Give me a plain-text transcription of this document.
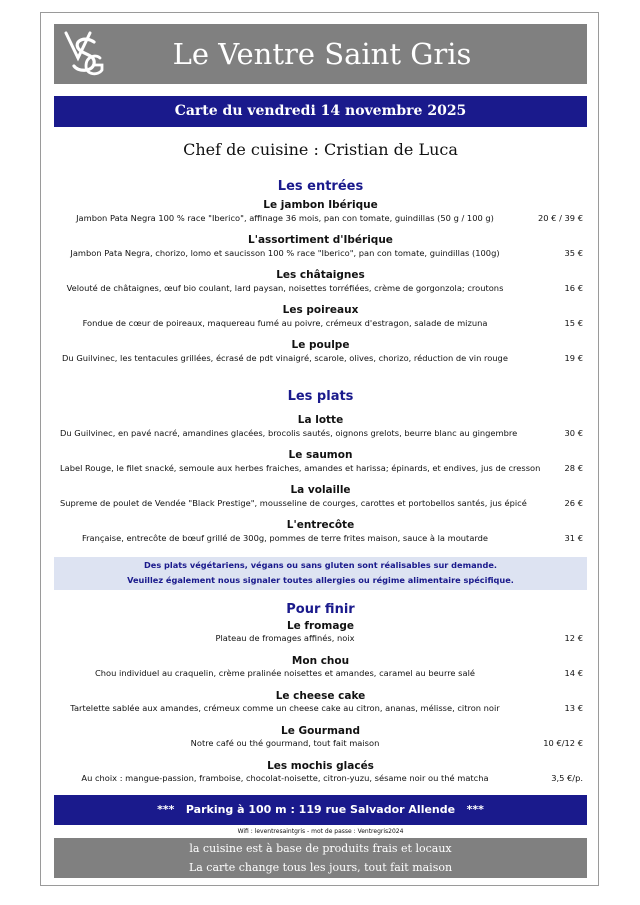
Le Ventre Saint Gris
Carte du vendredi 14 novembre 2025
Chef de cuisine : Cristian de Luca
Les entrées
Le jambon Ibérique
Jambon Pata Negra 100 % race "Iberico", affinage 36 mois, pan con tomate, guindillas (50 g / 100 g)	20 € / 39 €
L'assortiment d'Ibérique
Jambon Pata Negra, chorizo, lomo et saucisson 100 % race "Iberico", pan con tomate, guindillas (100g)	35 €
Les châtaignes
Velouté de châtaignes, œuf bio coulant, lard paysan, noisettes torréfiées, crème de gorgonzola; croutons	16 €
Les poireaux
Fondue de cœur de poireaux, maquereau fumé au poivre, crémeux d'estragon, salade de mizuna	15 €
Le poulpe
Du Guilvinec, les tentacules grillées, écrasé de pdt vinaigré, scarole, olives, chorizo, réduction de vin rouge	19 €
Les plats
La lotte
Du Guilvinec, en pavé nacré, amandines glacées, brocolis sautés, oignons grelots, beurre blanc au gingembre	30 €
Le saumon
Label Rouge, le filet snacké, semoule aux herbes fraiches, amandes et harissa; épinards, et endives, jus de cresson	28 €
La volaille
Supreme de poulet de Vendée "Black Prestige", mousseline de courges, carottes et portobellos santés, jus épicé	26 €
L'entrecôte
Française, entrecôte de bœuf grillé de 300g, pommes de terre frites maison, sauce à la moutarde	31 €
Des plats végétariens, végans ou sans gluten sont réalisables sur demande.
Veuillez également nous signaler toutes allergies ou régime alimentaire spécifique.
Pour finir
Le fromage
Plateau de fromages affinés, noix	12 €
Mon chou
Chou individuel au craquelin, crème pralinée noisettes et amandes, caramel au beurre salé	14 €
Le cheese cake
Tartelette sablée aux amandes, crémeux comme un cheese cake au citron, ananas, mélisse, citron noir	13 €
Le Gourmand
Notre café ou thé gourmand, tout fait maison	10 €/12 €
Les mochis glacés
Au choix : mangue-passion, framboise, chocolat-noisette, citron-yuzu, sésame noir ou thé matcha	3,5 €/p.
***   Parking à 100 m : 119 rue Salvador Allende   ***
Wifi : leventresaintgris - mot de passe : Ventregris2024
la cuisine est à base de produits frais et locaux
La carte change tous les jours, tout fait maison
